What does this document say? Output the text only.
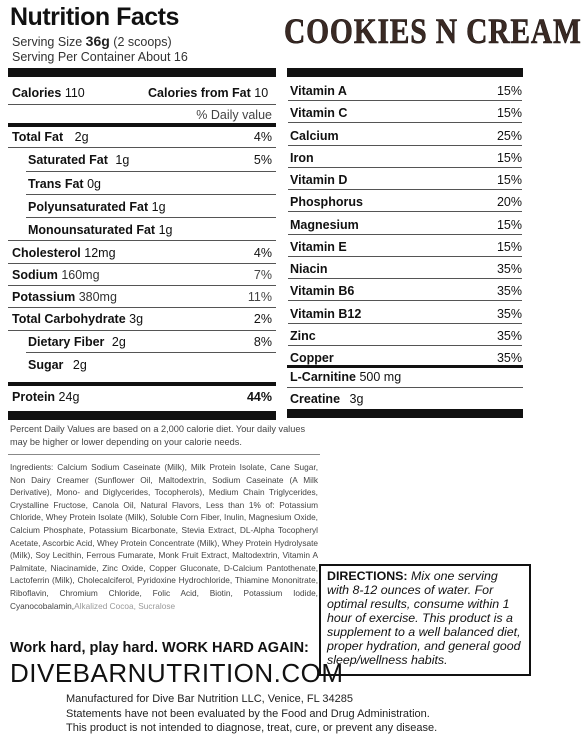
Nutrition Facts
Serving Size 36g (2 scoops)
Serving Per Container About 16
COOKIES N CREAM
Calories 110	Calories from Fat 10
% Daily value
Total Fat 2g	4%
Saturated Fat 1g	5%
Trans Fat 0g
Polyunsaturated Fat 1g
Monounsaturated Fat 1g
Cholesterol 12mg	4%
Sodium 160mg	7%
Potassium 380mg	11%
Total Carbohydrate 3g	2%
Dietary Fiber 2g	8%
Sugar 2g
Protein 24g	44%
Vitamin A	15%
Vitamin C	15%
Calcium	25%
Iron	15%
Vitamin D	15%
Phosphorus	20%
Magnesium	15%
Vitamin E	15%
Niacin	35%
Vitamin B6	35%
Vitamin B12	35%
Zinc	35%
Copper	35%
L-Carnitine 500 mg
Creatine 3g
Percent Daily Values are based on a 2,000 calorie diet. Your daily values may be higher or lower depending on your calorie needs.
Ingredients: Calcium Sodium Caseinate (Milk), Milk Protein Isolate, Cane Sugar, Non Dairy Creamer (Sunflower Oil, Maltodextrin, Sodium Caseinate (A Milk Derivative), Mono- and Diglycerides, Tocopherols), Medium Chain Triglycerides, Crystalline Fructose, Canola Oil, Natural Flavors, Less than 1% of: Potassium Chloride, Whey Protein Isolate (Milk), Soluble Corn Fiber, Inulin, Magnesium Oxide, Calcium Phosphate, Potassium Bicarbonate, Stevia Extract, DL-Alpha Tocopheryl Acetate, Ascorbic Acid, Whey Protein Concentrate (Milk), Whey Protein Hydrolysate (Milk), Soy Lecithin, Ferrous Fumarate, Monk Fruit Extract, Maltodextrin, Vitamin A Palmitate, Niacinamide, Zinc Oxide, Copper Gluconate, D-Calcium Pantothenate, Lactoferrin (Milk), Cholecalciferol, Pyridoxine Hydrochloride, Thiamine Mononitrate, Riboflavin, Chromium Chloride, Folic Acid, Biotin, Potassium Iodide, Cyanocobalamin,Alkalized Cocoa, Sucralose
DIRECTIONS: Mix one serving with 8-12 ounces of water. For optimal results, consume within 1 hour of exercise. This product is a supplement to a well balanced diet, proper hydration, and general good sleep/wellness habits.
Work hard, play hard. WORK HARD AGAIN:
DIVEBARNUTRITION.COM
Manufactured for Dive Bar Nutrition LLC, Venice, FL 34285
Statements have not been evaluated by the Food and Drug Administration.
This product is not intended to diagnose, treat, cure, or prevent any disease.
